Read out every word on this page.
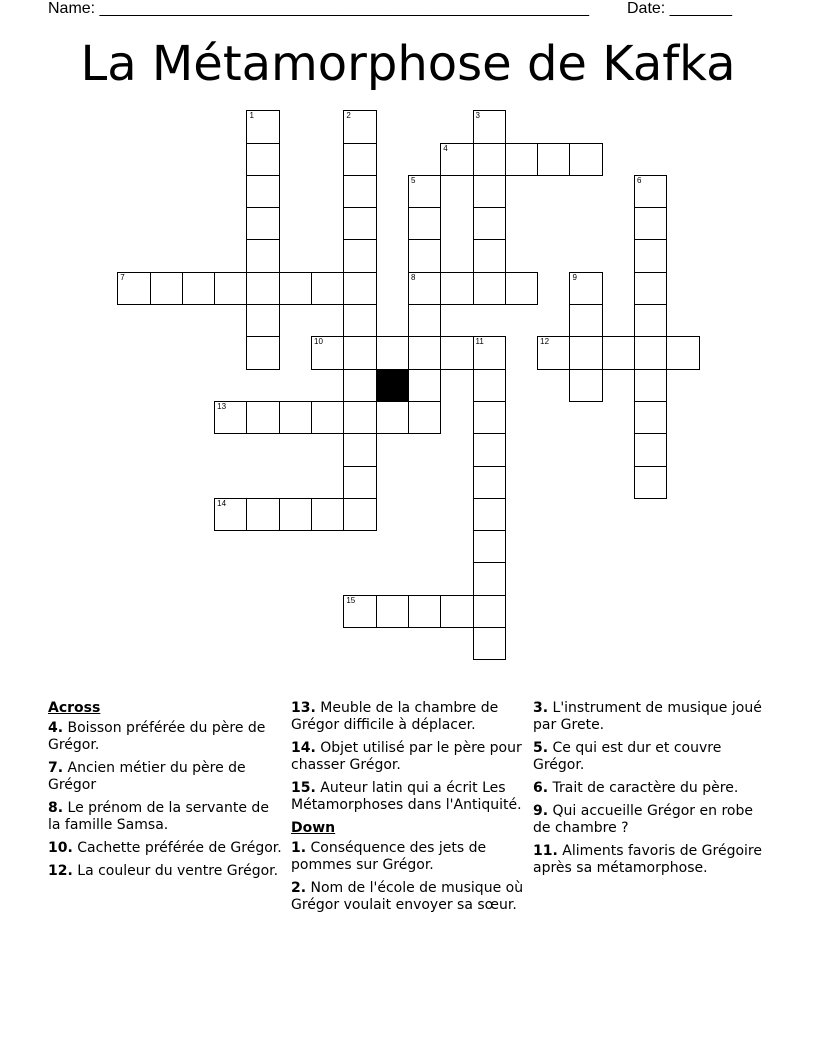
Name: _______________________________________________________ Date: _______
La Métamorphose de Kafka
1	2	3
4
5
8
6
7	9
10	11	12
13
14
15
Across
4. Boisson préférée du père de Grégor.
7. Ancien métier du père de Grégor
8. Le prénom de la servante de la famille Samsa.
10. Cachette préférée de Grégor.
12. La couleur du ventre Grégor.
13. Meuble de la chambre de Grégor difficile à déplacer.
14. Objet utilisé par le père pour chasser Grégor.
15. Auteur latin qui a écrit Les Métamorphoses dans l'Antiquité.
Down
1. Conséquence des jets de pommes sur Grégor.
2. Nom de l'école de musique où Grégor voulait envoyer sa sœur.
3. L'instrument de musique joué par Grete.
5. Ce qui est dur et couvre Grégor.
6. Trait de caractère du père.
9. Qui accueille Grégor en robe de chambre ?
11. Aliments favoris de Grégoire après sa métamorphose.
